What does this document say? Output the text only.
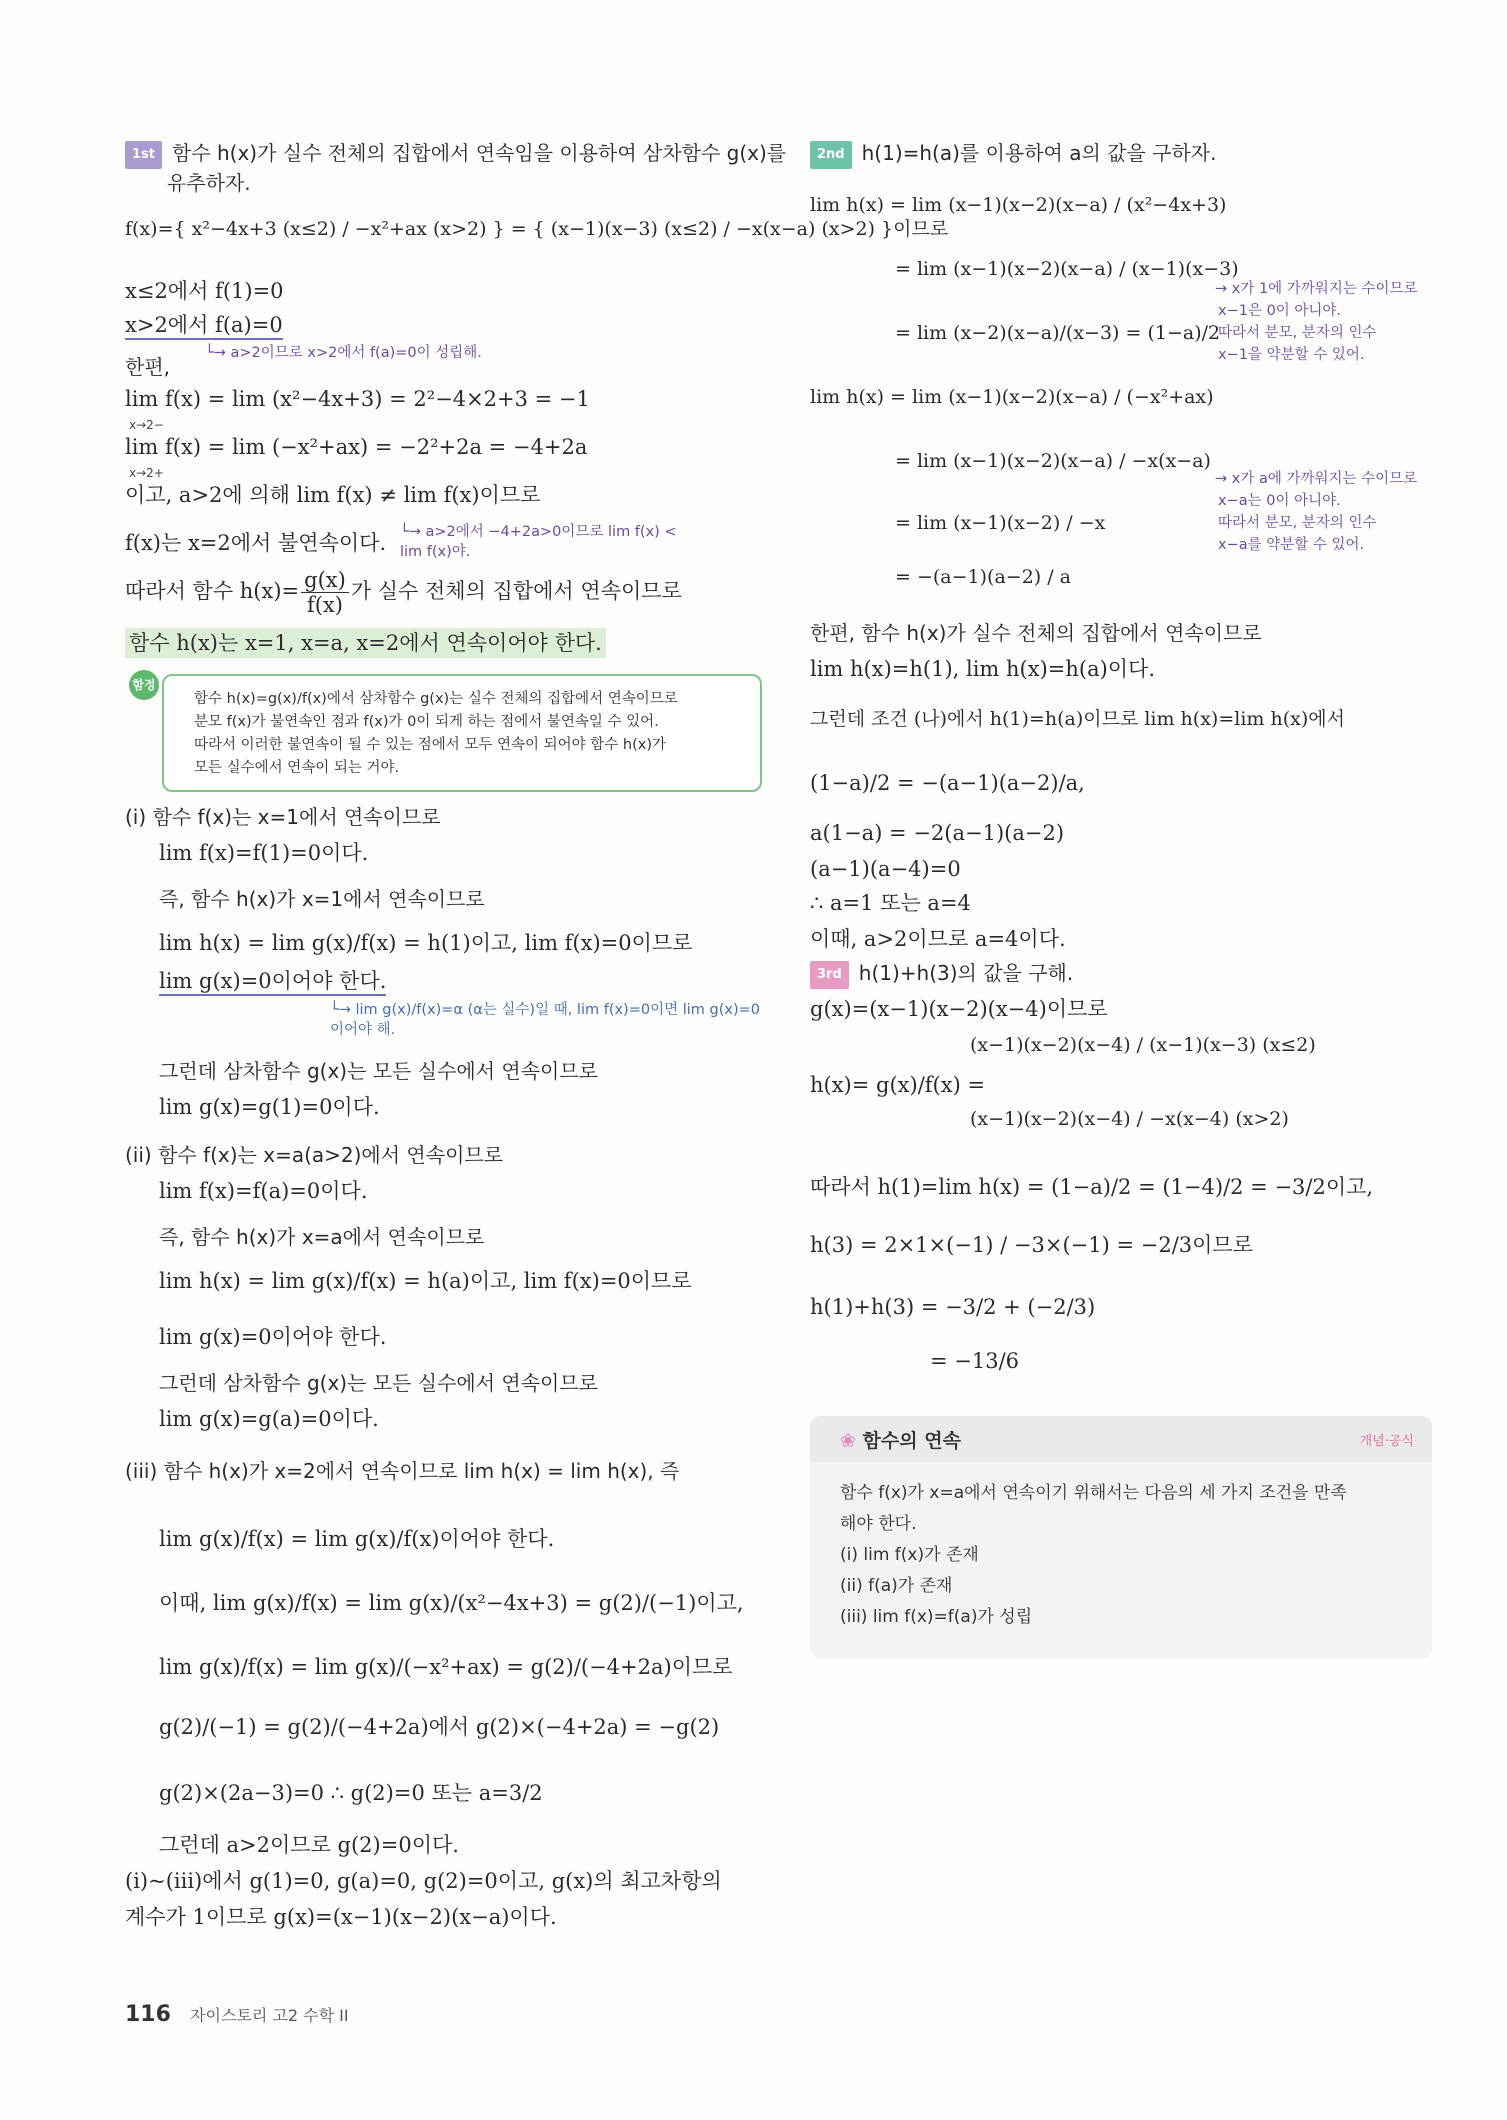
1st 함수 h(x)가 실수 전체의 집합에서 연속임을 이용하여 삼차함수 g(x)를
유추하자.
f(x)={ x²−4x+3 (x≤2) / −x²+ax (x>2) } = { (x−1)(x−3) (x≤2) / −x(x−a) (x>2) }이므로
x≤2에서 f(1)=0
x>2에서 f(a)=0
└→ a>2이므로 x>2에서 f(a)=0이 성립해.
한편,
lim f(x) = lim (x²−4x+3) = 2²−4×2+3 = −1
x→2−
lim f(x) = lim (−x²+ax) = −2²+2a = −4+2a
x→2+
이고, a>2에 의해 lim f(x) ≠ lim f(x)이므로
f(x)는 x=2에서 불연속이다. └→ a>2에서 −4+2a>0이므로 lim f(x) < lim f(x)야.
따라서 함수 $h(x)= \frac{g(x)}{f(x)}$ 가 실수 전체의 집합에서 연속이므로
함수 h(x)는 x=1, x=a, x=2에서 연속이어야 한다.
함정
함수 h(x)=g(x)/f(x)에서 삼차함수 g(x)는 실수 전체의 집합에서 연속이므로
분모 f(x)가 불연속인 점과 f(x)가 0이 되게 하는 점에서 불연속일 수 있어.
따라서 이러한 불연속이 될 수 있는 점에서 모두 연속이 되어야 함수 h(x)가
모든 실수에서 연속이 되는 거야.
(i) 함수 f(x)는 x=1에서 연속이므로
lim f(x)=f(1)=0이다.
즉, 함수 h(x)가 x=1에서 연속이므로
lim h(x) = lim g(x)/f(x) = h(1)이고, lim f(x)=0이므로
lim g(x)=0이어야 한다.
└→ lim g(x)/f(x)=α (α는 실수)일 때, lim f(x)=0이면 lim g(x)=0이어야 해.
그런데 삼차함수 g(x)는 모든 실수에서 연속이므로
lim g(x)=g(1)=0이다.
(ii) 함수 f(x)는 x=a(a>2)에서 연속이므로
lim f(x)=f(a)=0이다.
즉, 함수 h(x)가 x=a에서 연속이므로
lim h(x) = lim g(x)/f(x) = h(a)이고, lim f(x)=0이므로
lim g(x)=0이어야 한다.
그런데 삼차함수 g(x)는 모든 실수에서 연속이므로
lim g(x)=g(a)=0이다.
(iii) 함수 h(x)가 x=2에서 연속이므로 lim h(x) = lim h(x), 즉
lim g(x)/f(x) = lim g(x)/f(x)이어야 한다.
이때, lim g(x)/f(x) = lim g(x)/(x²−4x+3) = g(2)/(−1)이고,
lim g(x)/f(x) = lim g(x)/(−x²+ax) = g(2)/(−4+2a)이므로
g(2)/(−1) = g(2)/(−4+2a)에서 g(2)×(−4+2a) = −g(2)
g(2)×(2a−3)=0 ∴ g(2)=0 또는 a=3/2
그런데 a>2이므로 g(2)=0이다.
(i)~(iii)에서 g(1)=0, g(a)=0, g(2)=0이고, g(x)의 최고차항의
계수가 1이므로 g(x)=(x−1)(x−2)(x−a)이다.
2nd h(1)=h(a)를 이용하여 a의 값을 구하자.
lim h(x) = lim (x−1)(x−2)(x−a) / (x²−4x+3)
= lim (x−1)(x−2)(x−a) / (x−1)(x−3)
= lim (x−2)(x−a)/(x−3) = (1−a)/2
→ x가 1에 가까워지는 수이므로
x−1은 0이 아니야.
따라서 분모, 분자의 인수
x−1을 약분할 수 있어.
lim h(x) = lim (x−1)(x−2)(x−a) / (−x²+ax)
= lim (x−1)(x−2)(x−a) / −x(x−a)
= lim (x−1)(x−2) / −x
= −(a−1)(a−2) / a
→ x가 a에 가까워지는 수이므로
x−a는 0이 아니야.
따라서 분모, 분자의 인수
x−a를 약분할 수 있어.
한편, 함수 h(x)가 실수 전체의 집합에서 연속이므로
lim h(x)=h(1), lim h(x)=h(a)이다.
그런데 조건 (나)에서 h(1)=h(a)이므로 lim h(x)=lim h(x)에서
(1−a)/2 = −(a−1)(a−2)/a,
a(1−a) = −2(a−1)(a−2)
(a−1)(a−4)=0
∴ a=1 또는 a=4
이때, a>2이므로 a=4이다.
3rd h(1)+h(3)의 값을 구해.
g(x)=(x−1)(x−2)(x−4)이므로
h(x)= g(x)/f(x) =
(x−1)(x−2)(x−4) / (x−1)(x−3) (x≤2)
(x−1)(x−2)(x−4) / −x(x−4) (x>2)
따라서 h(1)=lim h(x) = (1−a)/2 = (1−4)/2 = −3/2이고,
h(3) = 2×1×(−1) / −3×(−1) = −2/3이므로
h(1)+h(3) = −3/2 + (−2/3)
= −13/6
❀ 함수의 연속	개념·공식
함수 f(x)가 x=a에서 연속이기 위해서는 다음의 세 가지 조건을 만족
해야 한다.
(i) lim f(x)가 존재
(ii) f(a)가 존재
(iii) lim f(x)=f(a)가 성립
116 자이스토리 고2 수학 II
